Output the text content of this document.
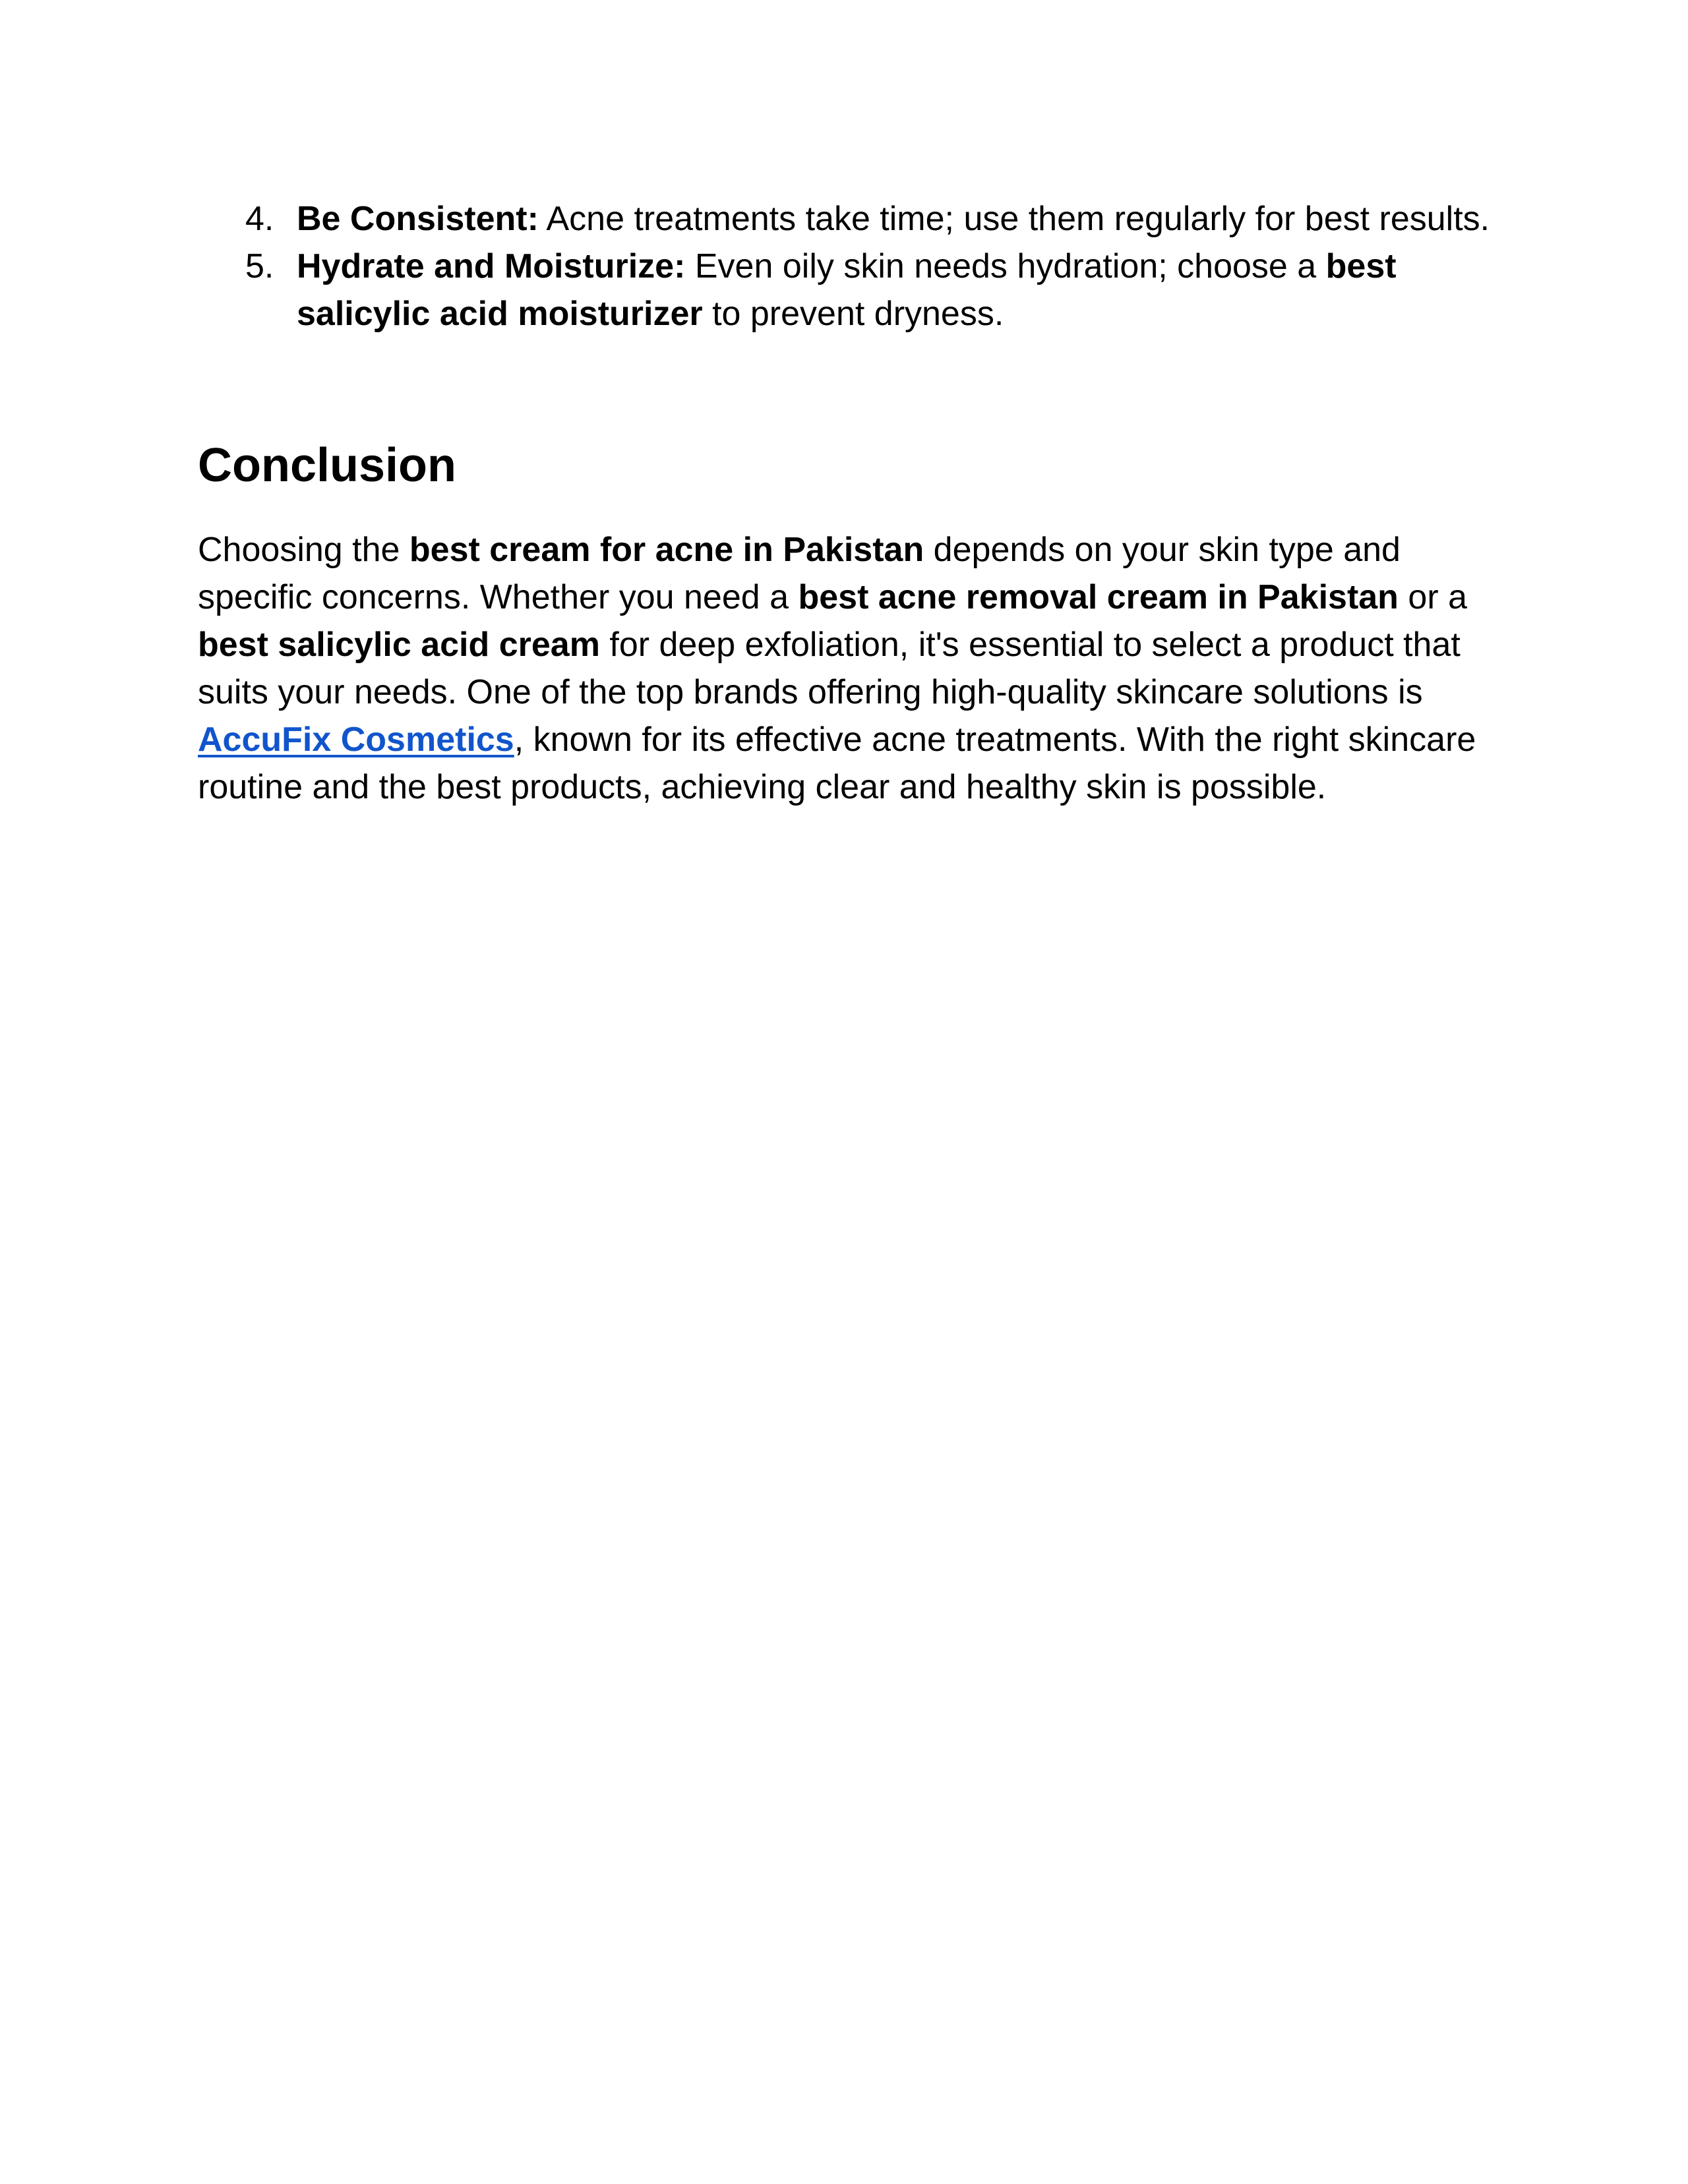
4. Be Consistent: Acne treatments take time; use them regularly for best results.
5. Hydrate and Moisturize: Even oily skin needs hydration; choose a best salicylic acid moisturizer to prevent dryness.
Conclusion

Choosing the best cream for acne in Pakistan depends on your skin type and specific concerns. Whether you need a best acne removal cream in Pakistan or a best salicylic acid cream for deep exfoliation, it's essential to select a product that suits your needs. One of the top brands offering high-quality skincare solutions is AccuFix Cosmetics, known for its effective acne treatments. With the right skincare routine and the best products, achieving clear and healthy skin is possible.
